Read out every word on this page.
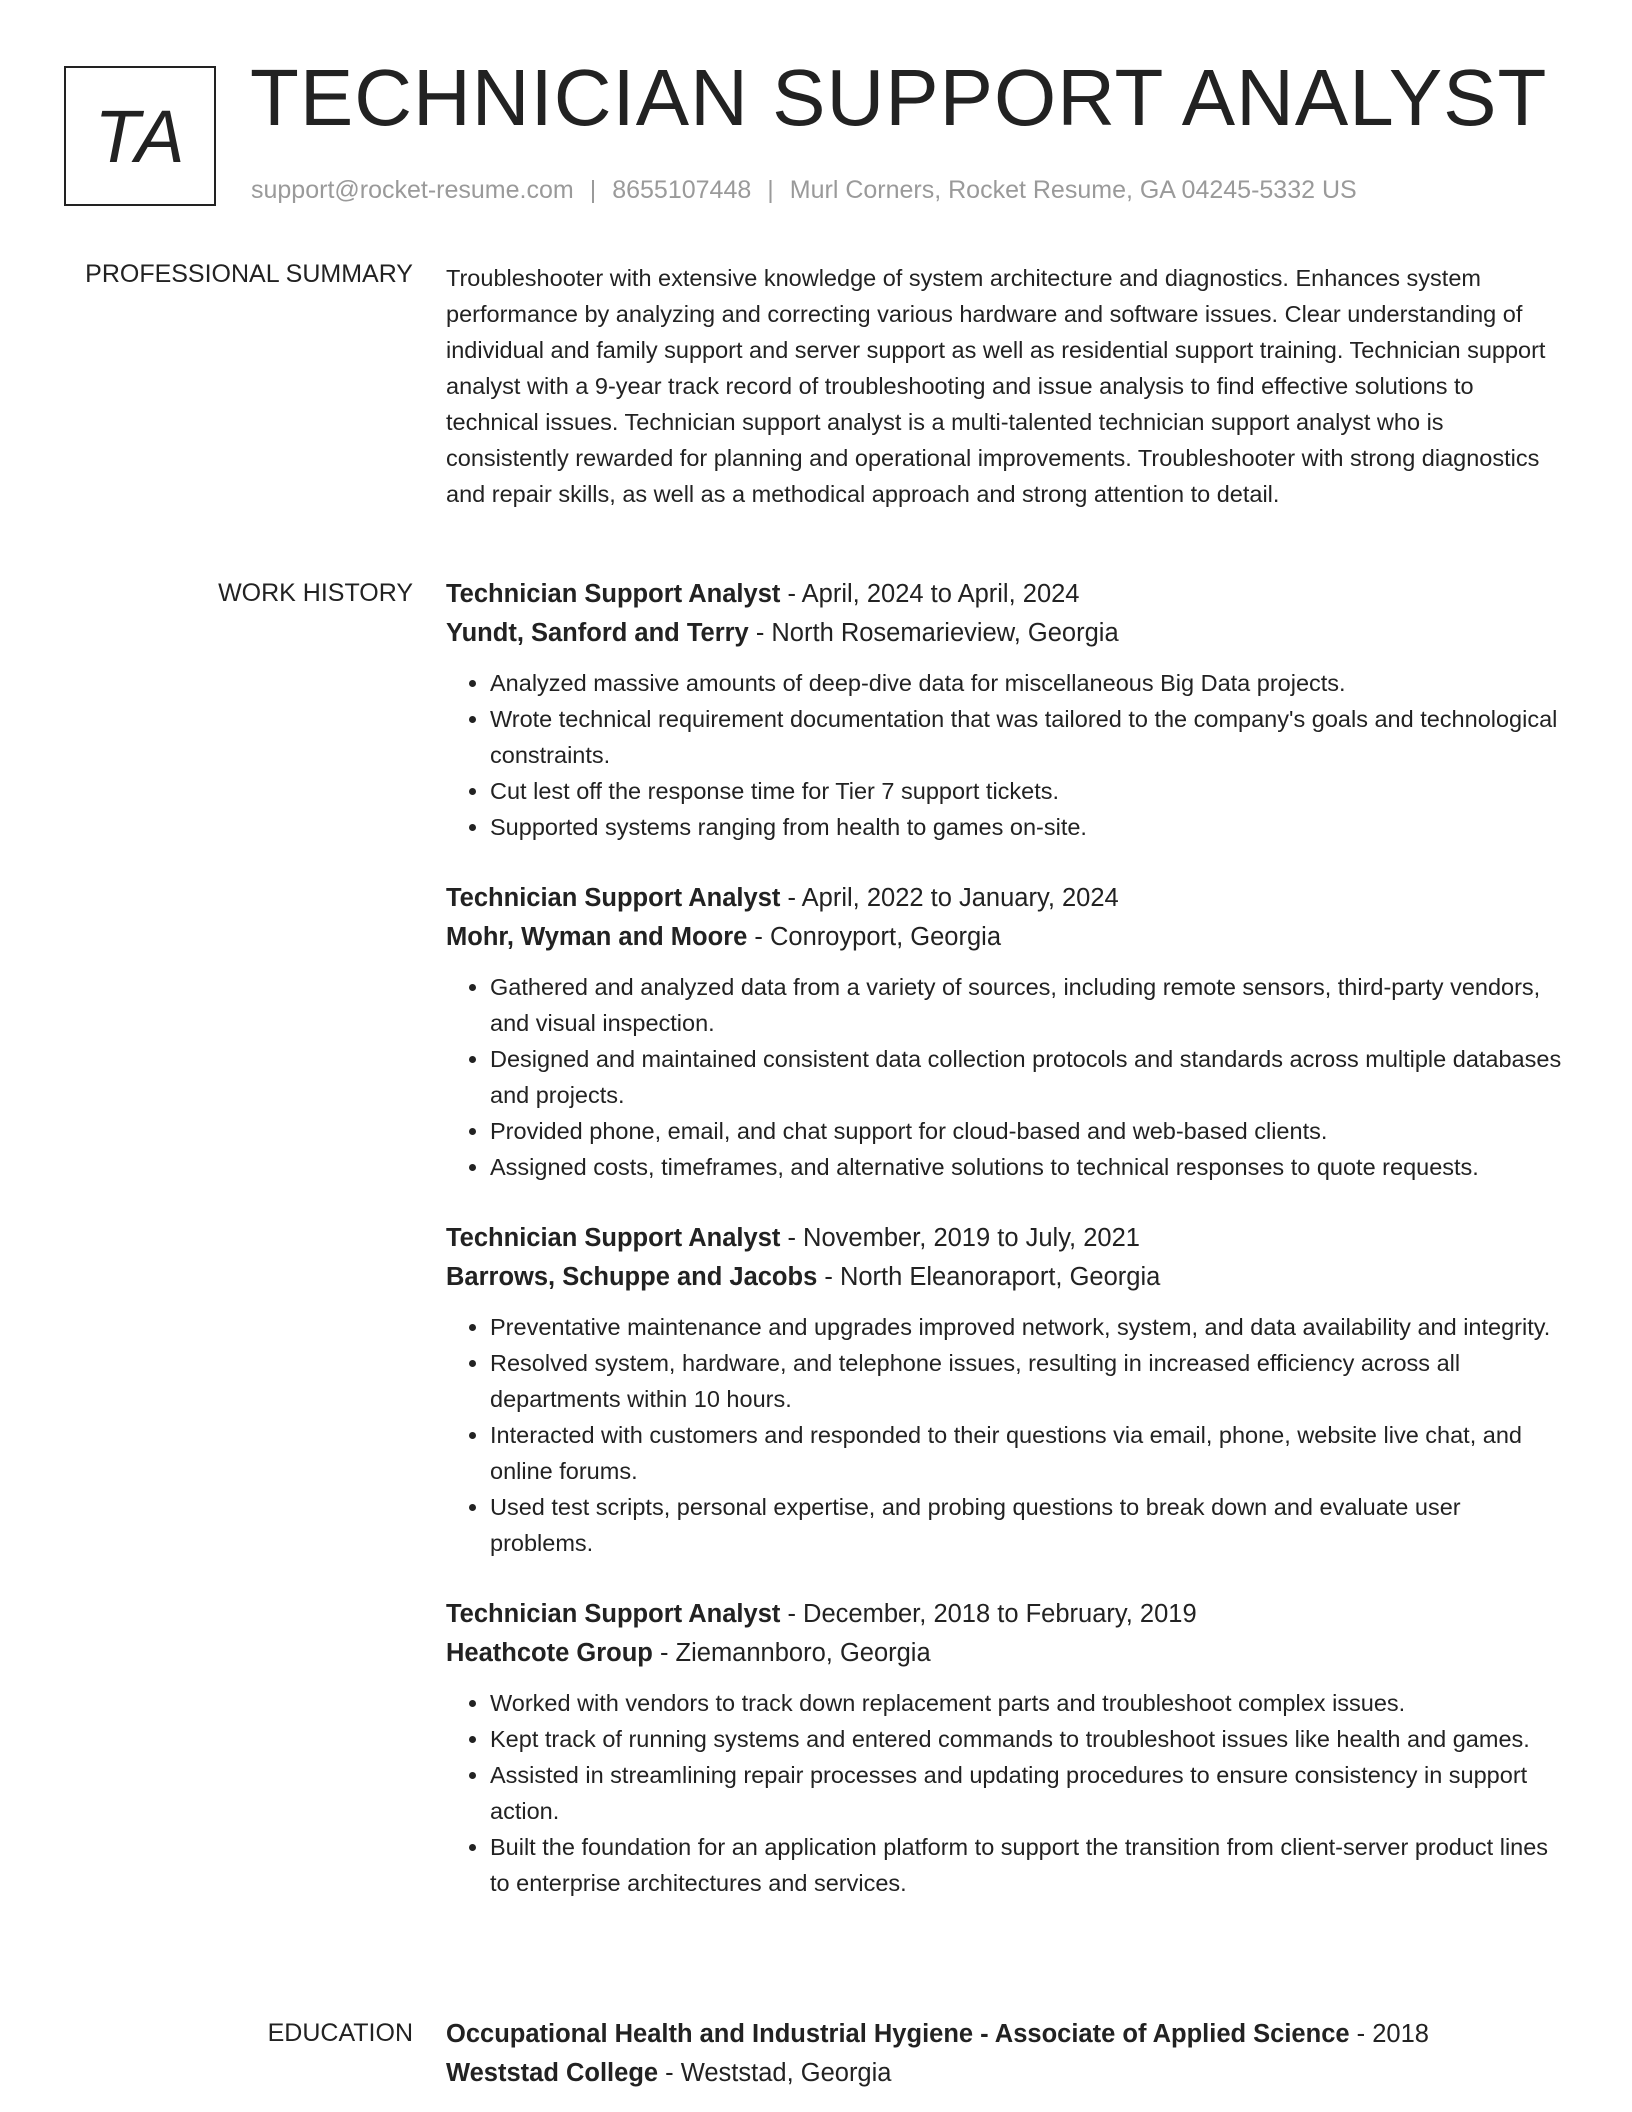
TA TECHNICIAN SUPPORT ANALYST
support@rocket-resume.com | 8655107448 | Murl Corners, Rocket Resume, GA 04245-5332 US
PROFESSIONAL SUMMARY Troubleshooter with extensive knowledge of system architecture and diagnostics. Enhances system performance by analyzing and correcting various hardware and software issues. Clear understanding of individual and family support and server support as well as residential support training. Technician support analyst with a 9-year track record of troubleshooting and issue analysis to find effective solutions to technical issues. Technician support analyst is a multi-talented technician support analyst who is consistently rewarded for planning and operational improvements. Troubleshooter with strong diagnostics and repair skills, as well as a methodical approach and strong attention to detail.

WORK HISTORY Technician Support Analyst - April, 2024 to April, 2024
Yundt, Sanford and Terry - North Rosemarieview, Georgia
• Analyzed massive amounts of deep-dive data for miscellaneous Big Data projects.
• Wrote technical requirement documentation that was tailored to the company's goals and technological constraints.
• Cut lest off the response time for Tier 7 support tickets.
• Supported systems ranging from health to games on-site.
Technician Support Analyst - April, 2022 to January, 2024
Mohr, Wyman and Moore - Conroyport, Georgia
• Gathered and analyzed data from a variety of sources, including remote sensors, third-party vendors, and visual inspection.
• Designed and maintained consistent data collection protocols and standards across multiple databases and projects.
• Provided phone, email, and chat support for cloud-based and web-based clients.
• Assigned costs, timeframes, and alternative solutions to technical responses to quote requests.
Technician Support Analyst - November, 2019 to July, 2021
Barrows, Schuppe and Jacobs - North Eleanoraport, Georgia
• Preventative maintenance and upgrades improved network, system, and data availability and integrity.
• Resolved system, hardware, and telephone issues, resulting in increased efficiency across all departments within 10 hours.
• Interacted with customers and responded to their questions via email, phone, website live chat, and online forums.
• Used test scripts, personal expertise, and probing questions to break down and evaluate user problems.
Technician Support Analyst - December, 2018 to February, 2019
Heathcote Group - Ziemannboro, Georgia
• Worked with vendors to track down replacement parts and troubleshoot complex issues.
• Kept track of running systems and entered commands to troubleshoot issues like health and games.
• Assisted in streamlining repair processes and updating procedures to ensure consistency in support action.
• Built the foundation for an application platform to support the transition from client-server product lines to enterprise architectures and services.
EDUCATION Occupational Health and Industrial Hygiene - Associate of Applied Science - 2018
Weststad College - Weststad, Georgia
